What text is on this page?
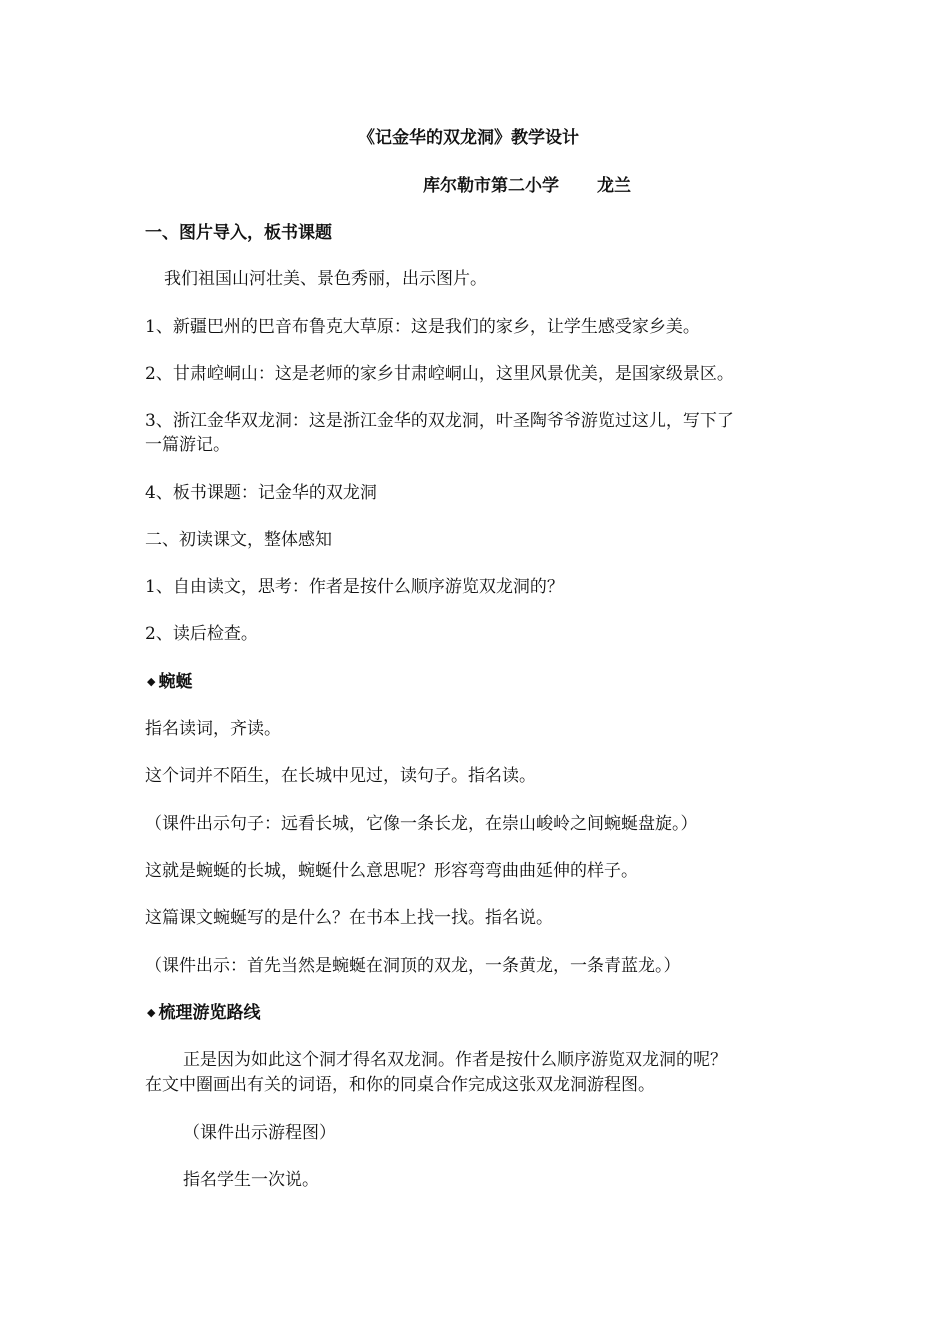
《记金华的双龙洞》教学设计
库尔勒市第二小学 龙兰
一、图片导入，板书课题
我们祖国山河壮美、景色秀丽，出示图片。
1、新疆巴州的巴音布鲁克大草原：这是我们的家乡，让学生感受家乡美。
2、甘肃崆峒山：这是老师的家乡甘肃崆峒山，这里风景优美，是国家级景区。
3、浙江金华双龙洞：这是浙江金华的双龙洞，叶圣陶爷爷游览过这儿，写下了
一篇游记。
4、板书课题：记金华的双龙洞
二、初读课文，整体感知
1、自由读文，思考：作者是按什么顺序游览双龙洞的？
2、读后检查。
◆ 蜿蜒
指名读词，齐读。
这个词并不陌生，在长城中见过，读句子。指名读。
（课件出示句子：远看长城，它像一条长龙，在崇山峻岭之间蜿蜒盘旋。）
这就是蜿蜒的长城，蜿蜒什么意思呢？形容弯弯曲曲延伸的样子。
这篇课文蜿蜒写的是什么？在书本上找一找。指名说。
（课件出示：首先当然是蜿蜒在洞顶的双龙，一条黄龙，一条青蓝龙。）
◆ 梳理游览路线
正是因为如此这个洞才得名双龙洞。作者是按什么顺序游览双龙洞的呢？
在文中圈画出有关的词语，和你的同桌合作完成这张双龙洞游程图。
（课件出示游程图）
指名学生一次说。
